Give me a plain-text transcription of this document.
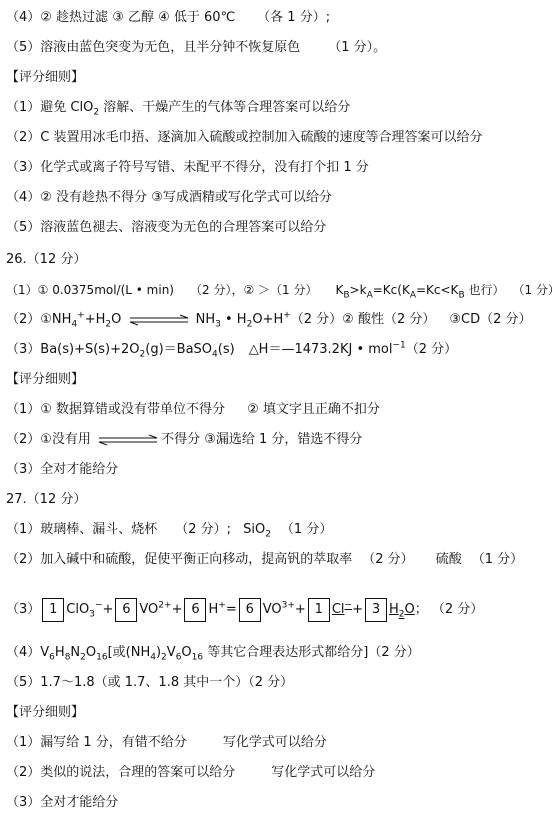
（4）② 趁热过滤 ③ 乙醇 ④ 低于 60℃ （各 1 分）;
（5）溶液由蓝色突变为无色，且半分钟不恢复原色 （1 分）。
【评分细则】
（1）避免 ClO$_2$ 溶解、干燥产生的气体等合理答案可以给分
（2）C 装置用冰毛巾捂、逐滴加入硫酸或控制加入硫酸的速度等合理答案可以给分
（3）化学式或离子符号写错、未配平不得分，没有打个扣 1 分
（4）② 没有趁热不得分 ③写成酒精或写化学式可以给分
（5）溶液蓝色褪去、溶液变为无色的合理答案可以给分
26.（12 分）
（1）① 0.0375mol/(L • min) （2 分），② ＞（1 分） $K_B>k_A=Kc(K_A=Kc<K_B$ 也行） （1 分）
$(2)①NH_4^++H_2O$	$NH_3$ • $H_2O+H^+(2$ 分）② 酸性（2 分） ③CD（2 分）
$(3)Ba(s)+S(s)+2O_2(g)=BaSO_4(s)$ △H＝—1473.2KJ • mol$^{-1}$（2 分）
【评分细则】
（1）① 数据算错或没有带单位不得分 ② 填文字且正确不扣分
（2）①没有用	不得分 ③漏选给 1 分，错选不得分
（3）全对才能给分
27.（12 分）
（1）玻璃棒、漏斗、烧杯 （2 分）; SiO$_2$ （1 分）
（2）加入碱中和硫酸，促使平衡正向移动，提高钒的萃取率 （2 分） 硫酸 （1 分）
（3） 1 ClO$_3$−+ 6 $VO^{2+}+ 6$ H+= 6 $VO^{3+}+ 1$ Cl−+ 3 $H_2O$； （2 分）
$(4)V_6H_8N_2O_{16}$[或$(NH_4)_2V_6O_{16}$ 等其它合理表达形式都给分]（2 分）
（5）1.7～1.8（或 1.7、1.8 其中一个）（2 分）
【评分细则】
（1）漏写给 1 分，有错不给分	写化学式可以给分
（2）类似的说法，合理的答案可以给分	写化学式可以给分
（3）全对才能给分
